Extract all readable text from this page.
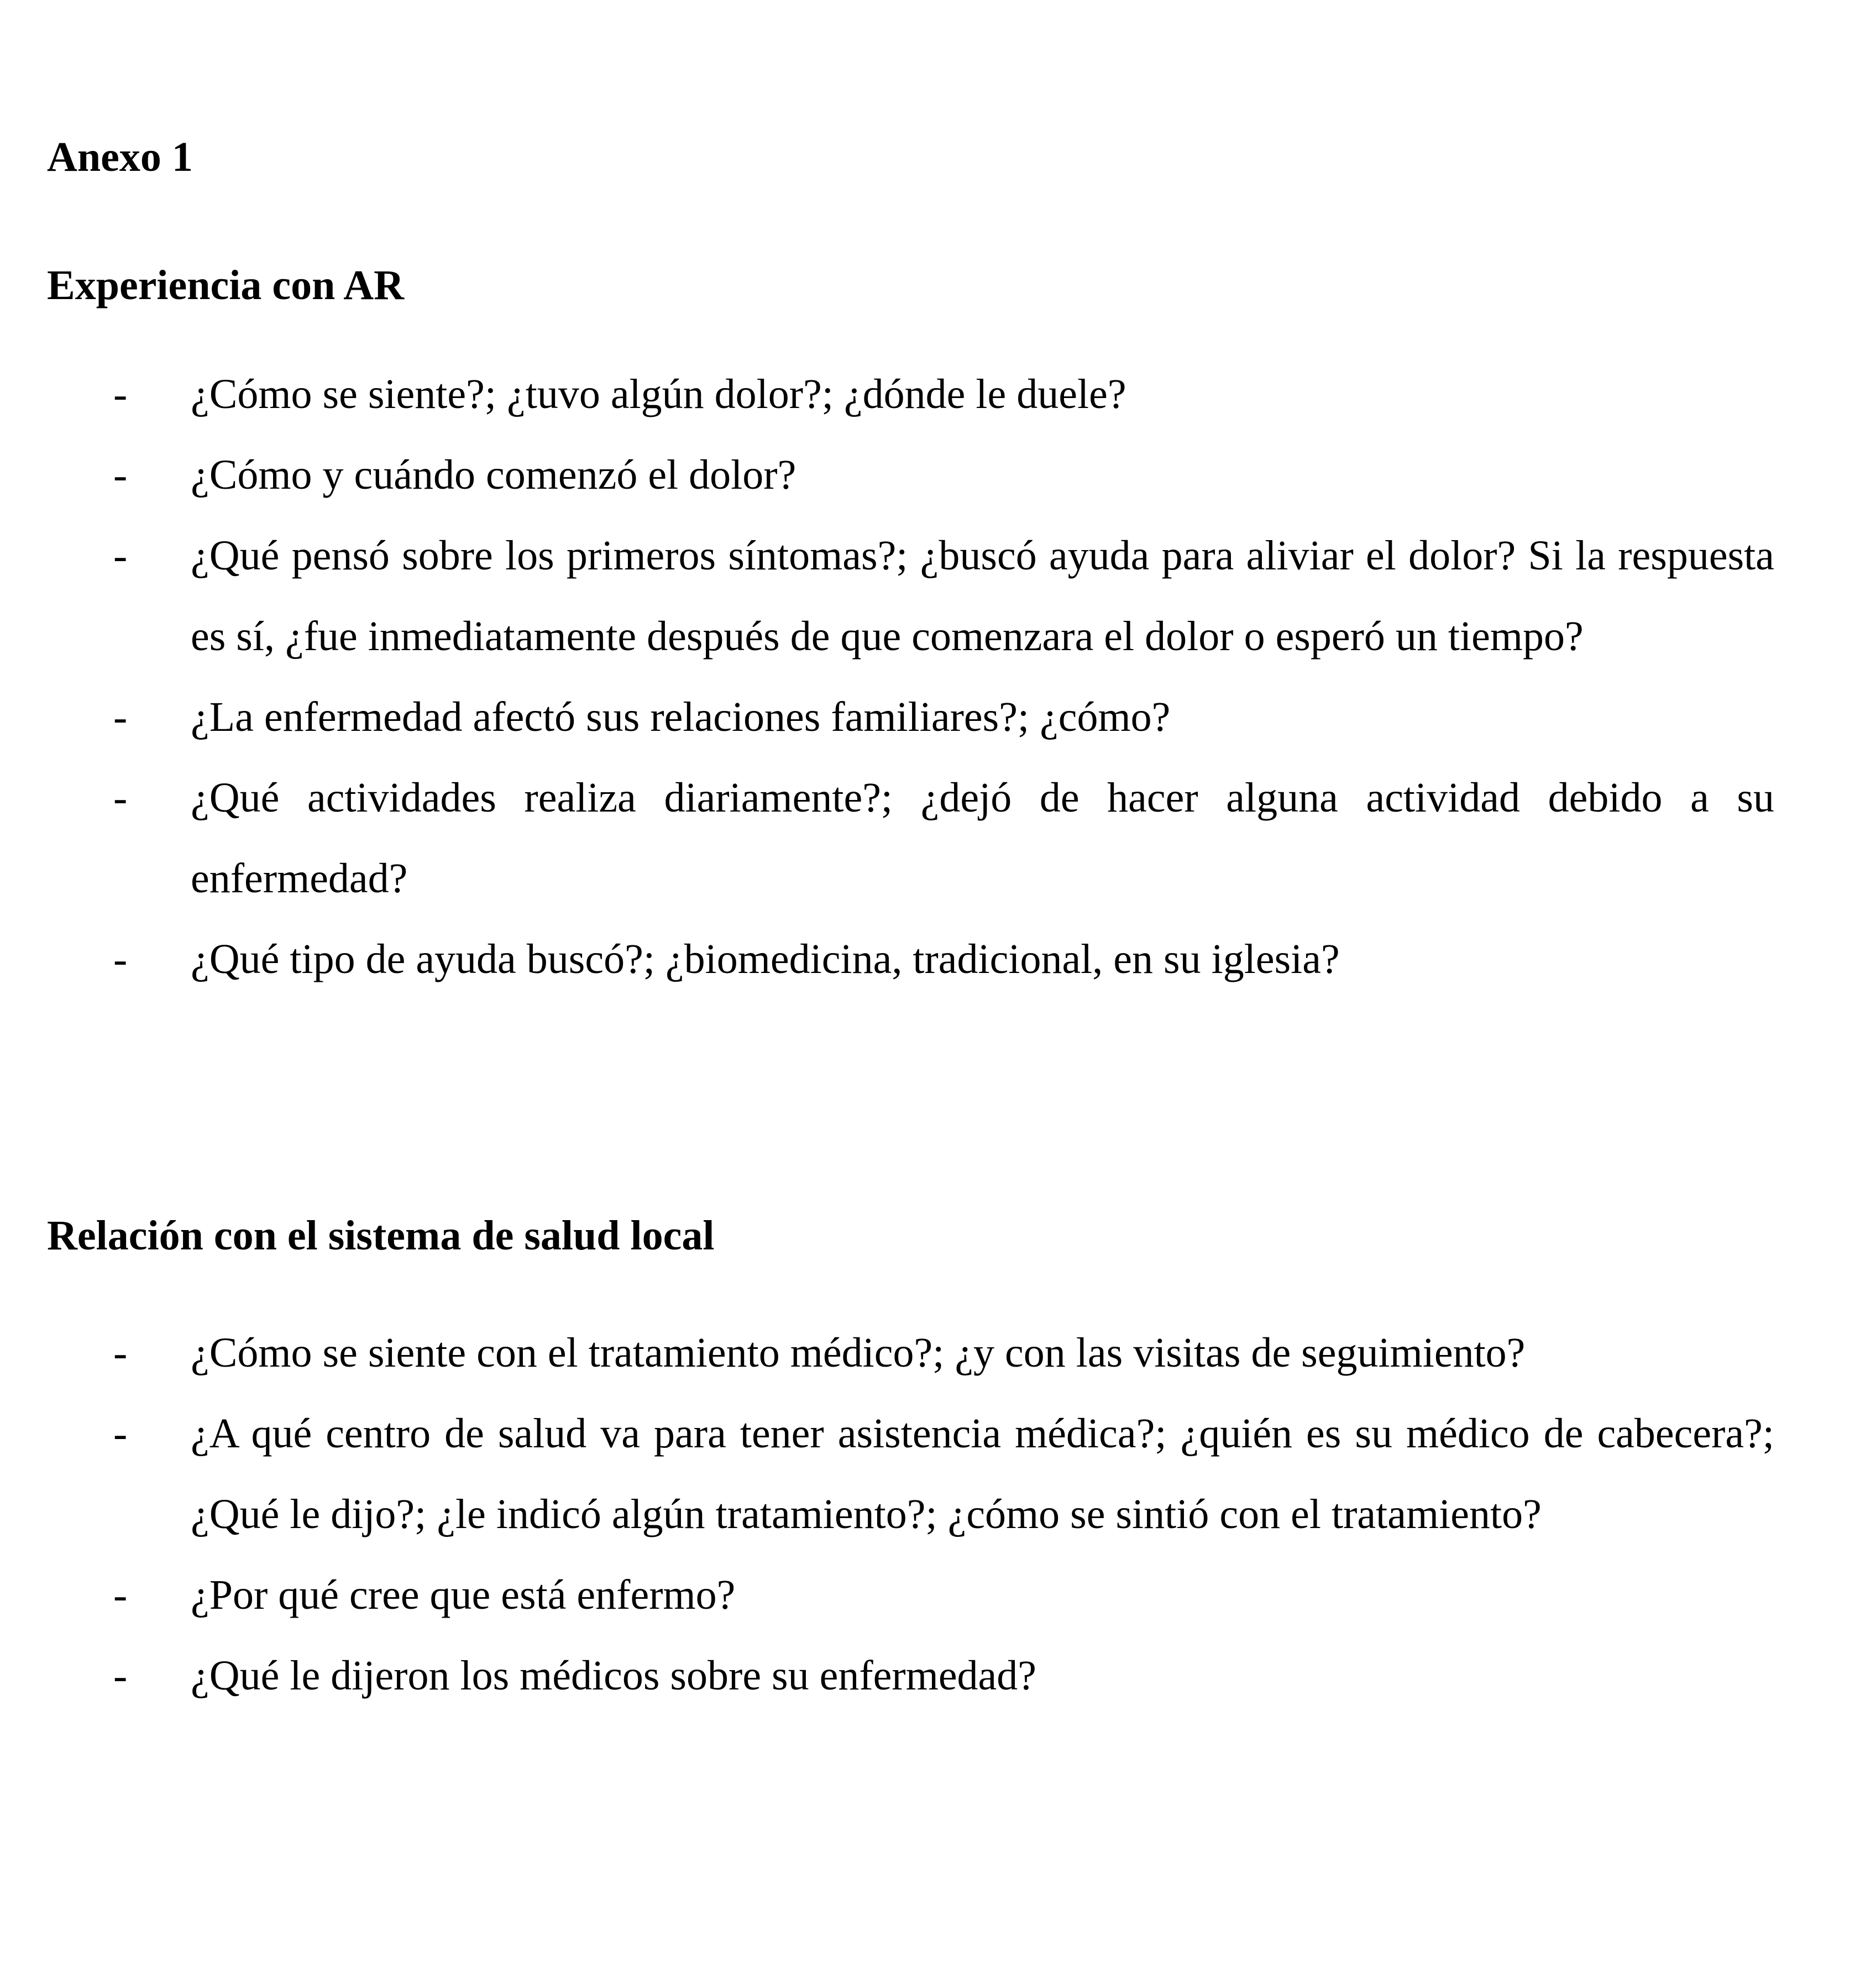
Anexo 1
Experiencia con AR
- ¿Cómo se siente?; ¿tuvo algún dolor?; ¿dónde le duele?
- ¿Cómo y cuándo comenzó el dolor?
- ¿Qué pensó sobre los primeros síntomas?; ¿buscó ayuda para aliviar el dolor? Si la respuesta es sí, ¿fue inmediatamente después de que comenzara el dolor o esperó un tiempo?
- ¿La enfermedad afectó sus relaciones familiares?; ¿cómo?
- ¿Qué actividades realiza diariamente?; ¿dejó de hacer alguna actividad debido a su enfermedad?
- ¿Qué tipo de ayuda buscó?; ¿biomedicina, tradicional, en su iglesia?
Relación con el sistema de salud local
- ¿Cómo se siente con el tratamiento médico?; ¿y con las visitas de seguimiento?
- ¿A qué centro de salud va para tener asistencia médica?; ¿quién es su médico de cabecera?; ¿Qué le dijo?; ¿le indicó algún tratamiento?; ¿cómo se sintió con el tratamiento?
- ¿Por qué cree que está enfermo?
- ¿Qué le dijeron los médicos sobre su enfermedad?
